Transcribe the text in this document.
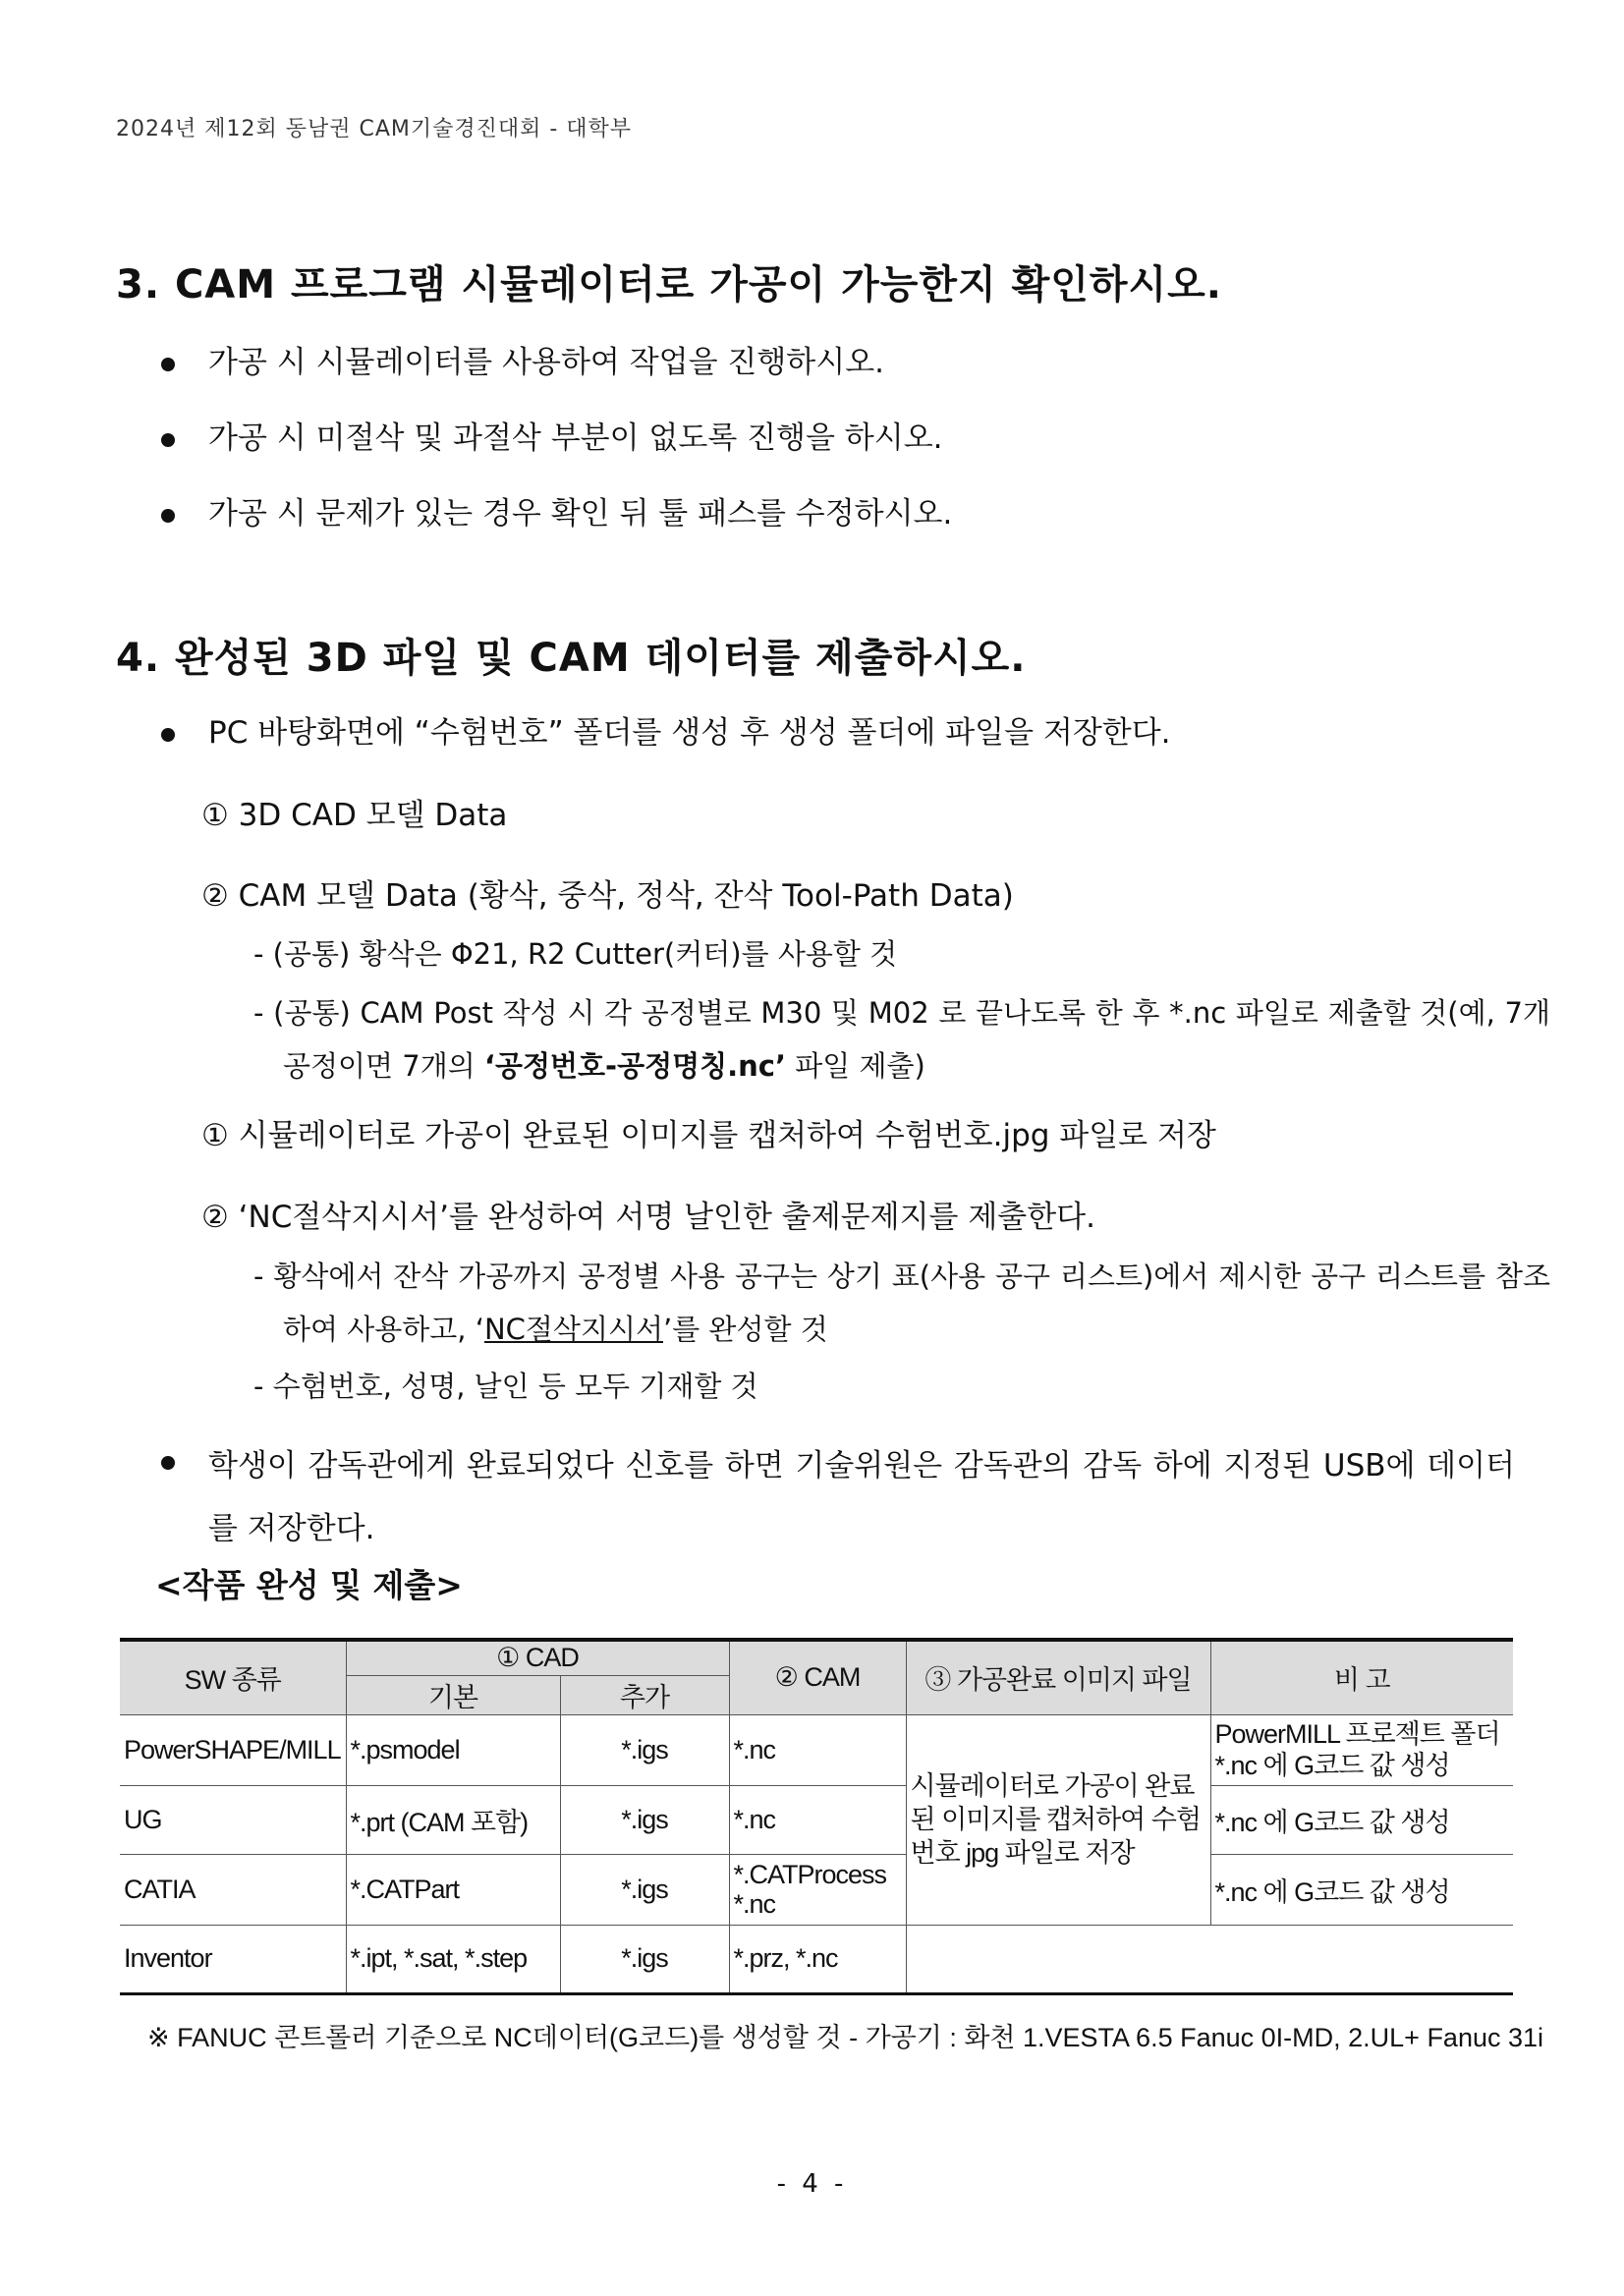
2024년 제12회 동남권 CAM기술경진대회 - 대학부
3. CAM 프로그램 시뮬레이터로 가공이 가능한지 확인하시오.
가공 시 시뮬레이터를 사용하여 작업을 진행하시오.
가공 시 미절삭 및 과절삭 부분이 없도록 진행을 하시오.
가공 시 문제가 있는 경우 확인 뒤 툴 패스를 수정하시오.
4. 완성된 3D 파일 및 CAM 데이터를 제출하시오.
PC 바탕화면에 “수험번호” 폴더를 생성 후 생성 폴더에 파일을 저장한다.
① 3D CAD 모델 Data
② CAM 모델 Data (황삭, 중삭, 정삭, 잔삭 Tool-Path Data)
- (공통) 황삭은 Φ21, R2 Cutter(커터)를 사용할 것
- (공통) CAM Post 작성 시 각 공정별로 M30 및 M02 로 끝나도록 한 후 *.nc 파일로 제출할 것(예, 7개 공정이면 7개의 ‘공정번호-공정명칭.nc’ 파일 제출)
① 시뮬레이터로 가공이 완료된 이미지를 캡처하여 수험번호.jpg 파일로 저장
② ‘NC절삭지시서’를 완성하여 서명 날인한 출제문제지를 제출한다.
- 황삭에서 잔삭 가공까지 공정별 사용 공구는 상기 표(사용 공구 리스트)에서 제시한 공구 리스트를 참조하여 사용하고, ‘NC절삭지시서’를 완성할 것
- 수험번호, 성명, 날인 등 모두 기재할 것
학생이 감독관에게 완료되었다 신호를 하면 기술위원은 감독관의 감독 하에 지정된 USB에 데이터를 저장한다.
<작품 완성 및 제출>
SW 종류	① CAD		② CAM	③ 가공완료 이미지 파일	비 고
	기본	추가			
PowerSHAPE/MILL	*.psmodel	*.igs	*.nc	시뮬레이터로 가공이 완료된 이미지를 캡처하여 수험번호 jpg 파일로 저장	PowerMILL 프로젝트 폴더 *.nc 에 G코드 값 생성
UG	*.prt (CAM 포함)	*.igs	*.nc		*.nc 에 G코드 값 생성
CATIA	*.CATPart	*.igs	*.CATProcess *.nc		*.nc 에 G코드 값 생성
Inventor	*.ipt, *.sat, *.step	*.igs	*.prz, *.nc		
※ FANUC 콘트롤러 기준으로 NC데이터(G코드)를 생성할 것 - 가공기 : 화천 1.VESTA 6.5 Fanuc 0I-MD, 2.UL+ Fanuc 31i
- 4 -
